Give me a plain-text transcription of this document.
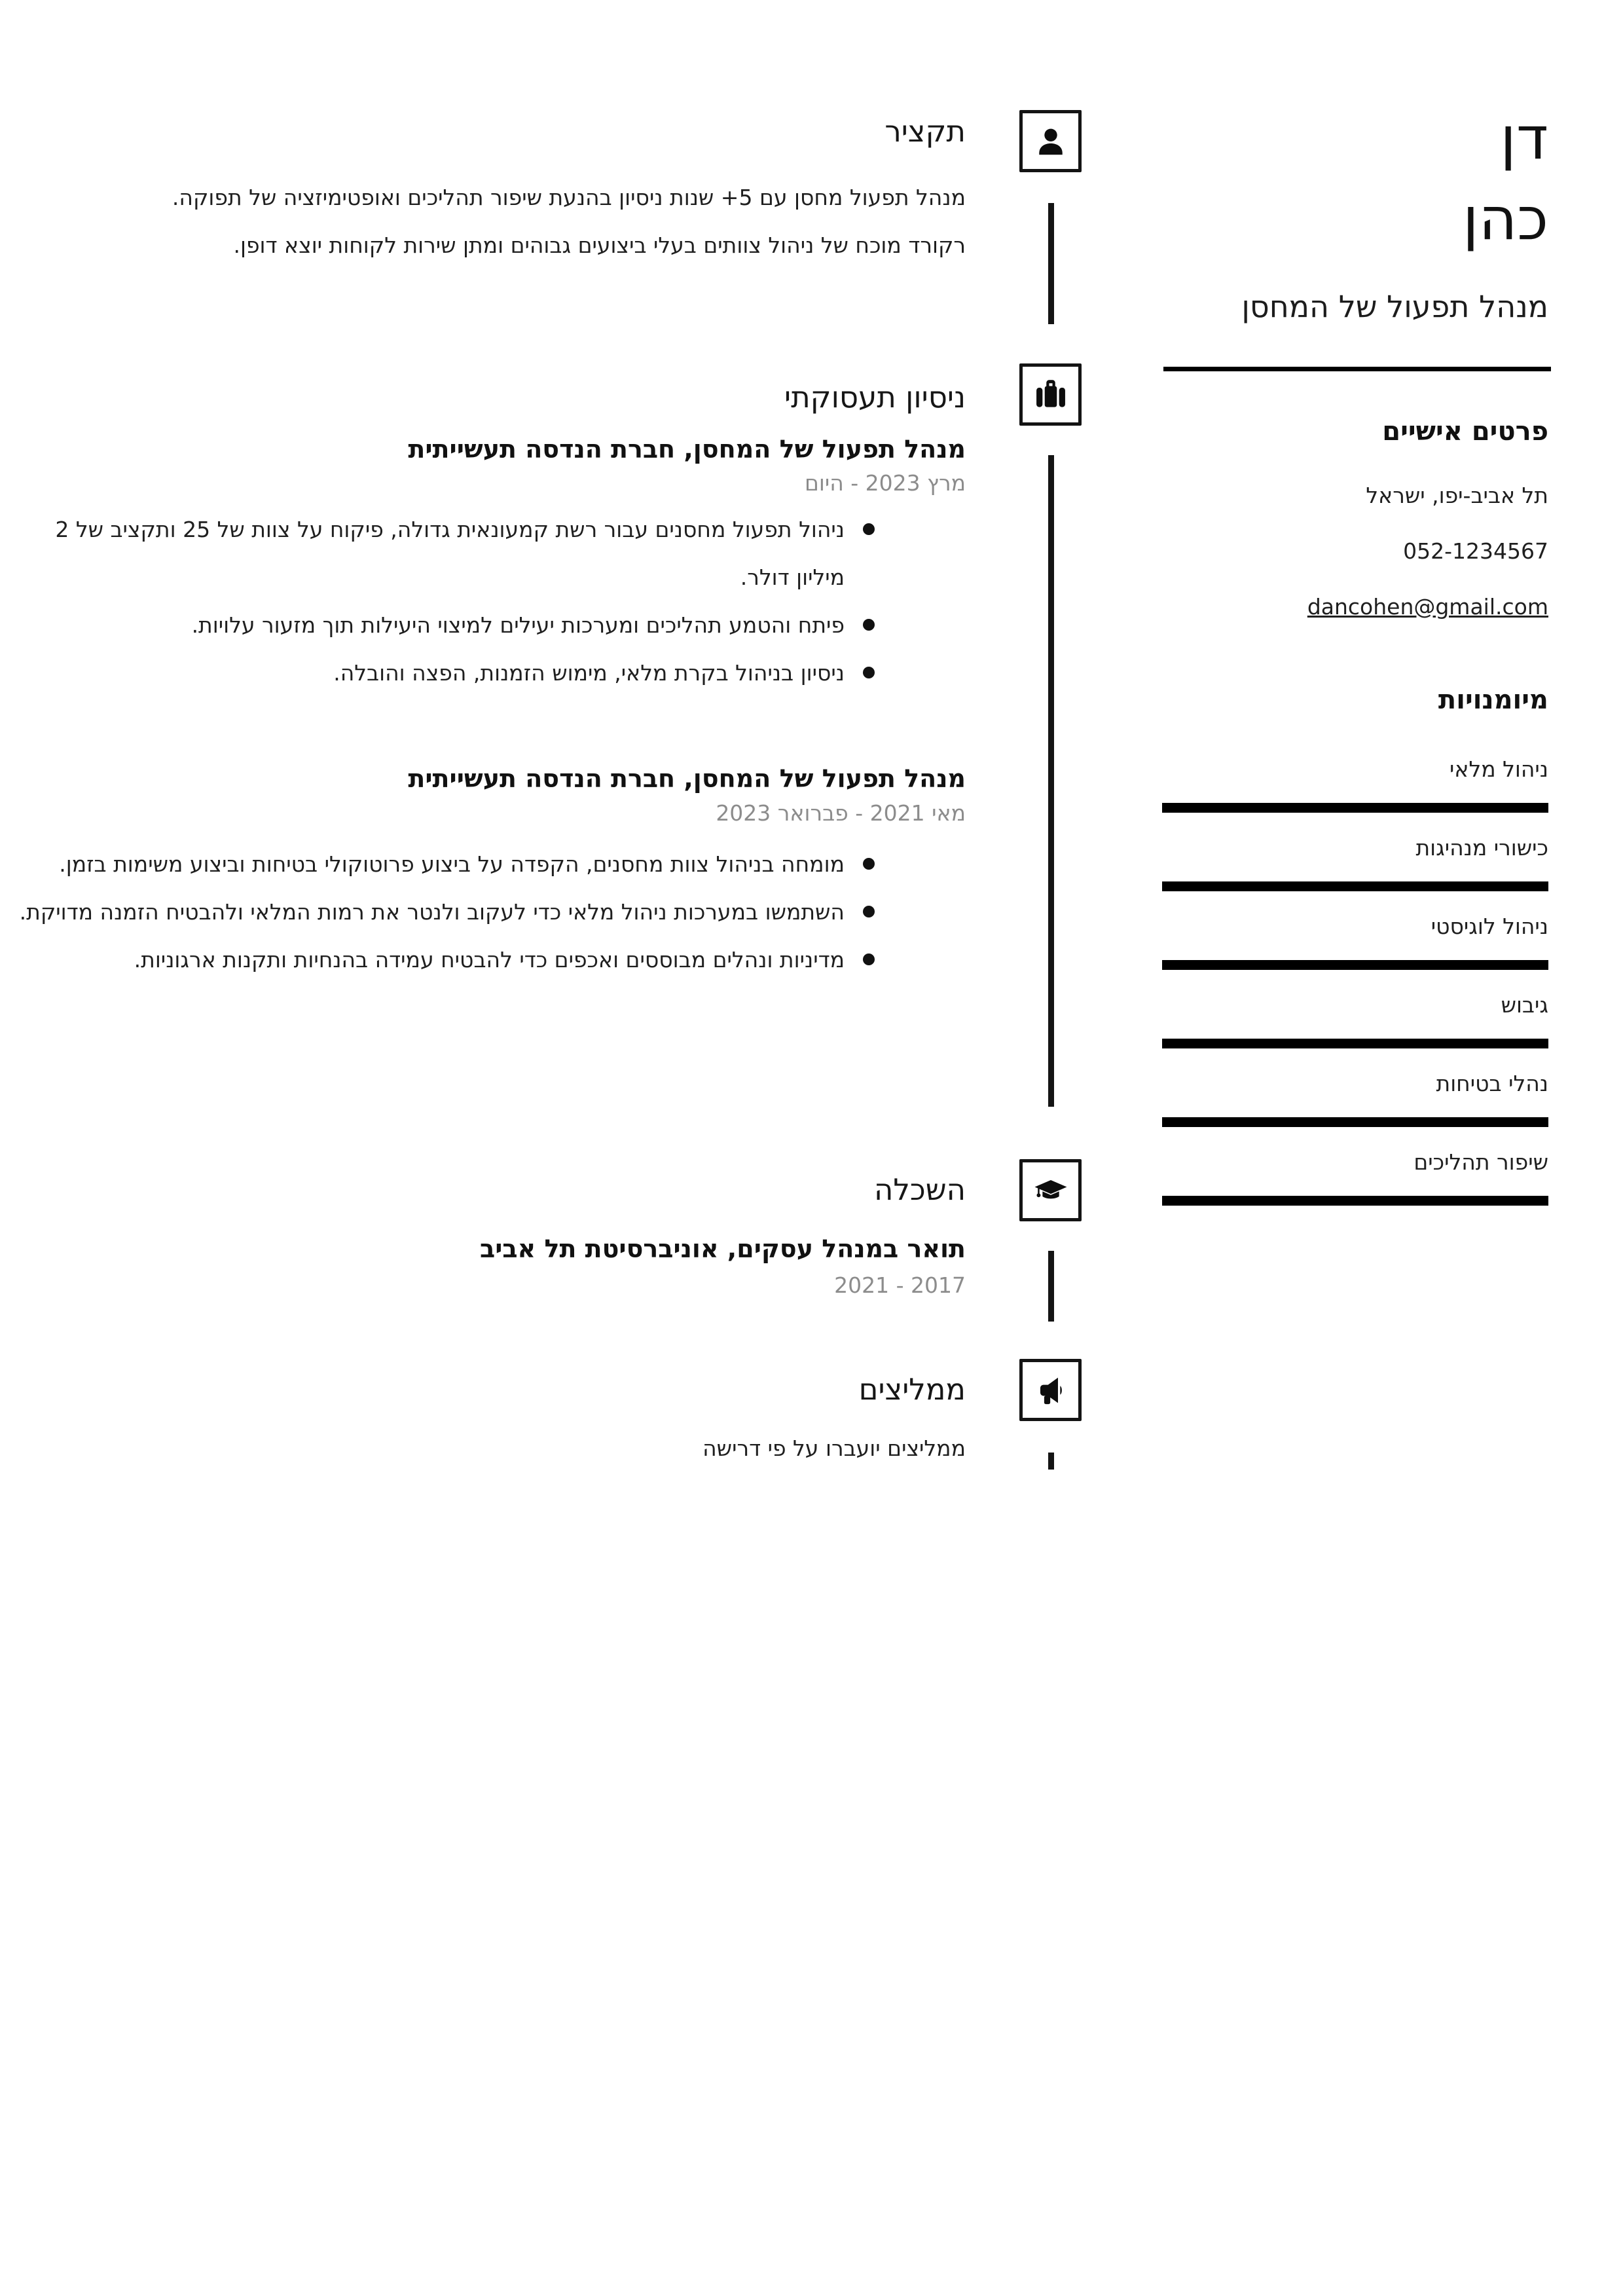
דן
כהן
מנהל תפעול של המחסן
פרטים אישיים
תל אביב-יפו, ישראל
052-1234567
dancohen@gmail.com
מיומנויות
ניהול מלאי
כישורי מנהיגות
ניהול לוגיסטי
גיבוש
נהלי בטיחות
שיפור תהליכים
תקציר

מנהל תפעול מחסן עם 5+ שנות ניסיון בהנעת שיפור תהליכים ואופטימיזציה של תפוקה. רקורד מוכח של ניהול צוותים בעלי ביצועים גבוהים ומתן שירות לקוחות יוצא דופן.

ניסיון תעסוקתי
מנהל תפעול של המחסן, חברת הנדסה תעשייתית
מרץ 2023 - היום
ניהול תפעול מחסנים עבור רשת קמעונאית גדולה, פיקוח על צוות של 25 ותקציב של 2 מיליון דולר.
פיתח והטמע תהליכים ומערכות יעילים למיצוי היעילות תוך מזעור עלויות.
ניסיון בניהול בקרת מלאי, מימוש הזמנות, הפצה והובלה.
מנהל תפעול של המחסן, חברת הנדסה תעשייתית
מאי 2021 - פברואר 2023
מומחה בניהול צוות מחסנים, הקפדה על ביצוע פרוטוקולי בטיחות וביצוע משימות בזמן.
השתמשו במערכות ניהול מלאי כדי לעקוב ולנטר את רמות המלאי ולהבטיח הזמנה מדויקת.
מדיניות ונהלים מבוססים ואכפים כדי להבטיח עמידה בהנחיות ותקנות ארגוניות.
השכלה
תואר במנהל עסקים, אוניברסיטת תל אביב
2017 - 2021
ממליצים

ממליצים יועברו על פי דרישה
